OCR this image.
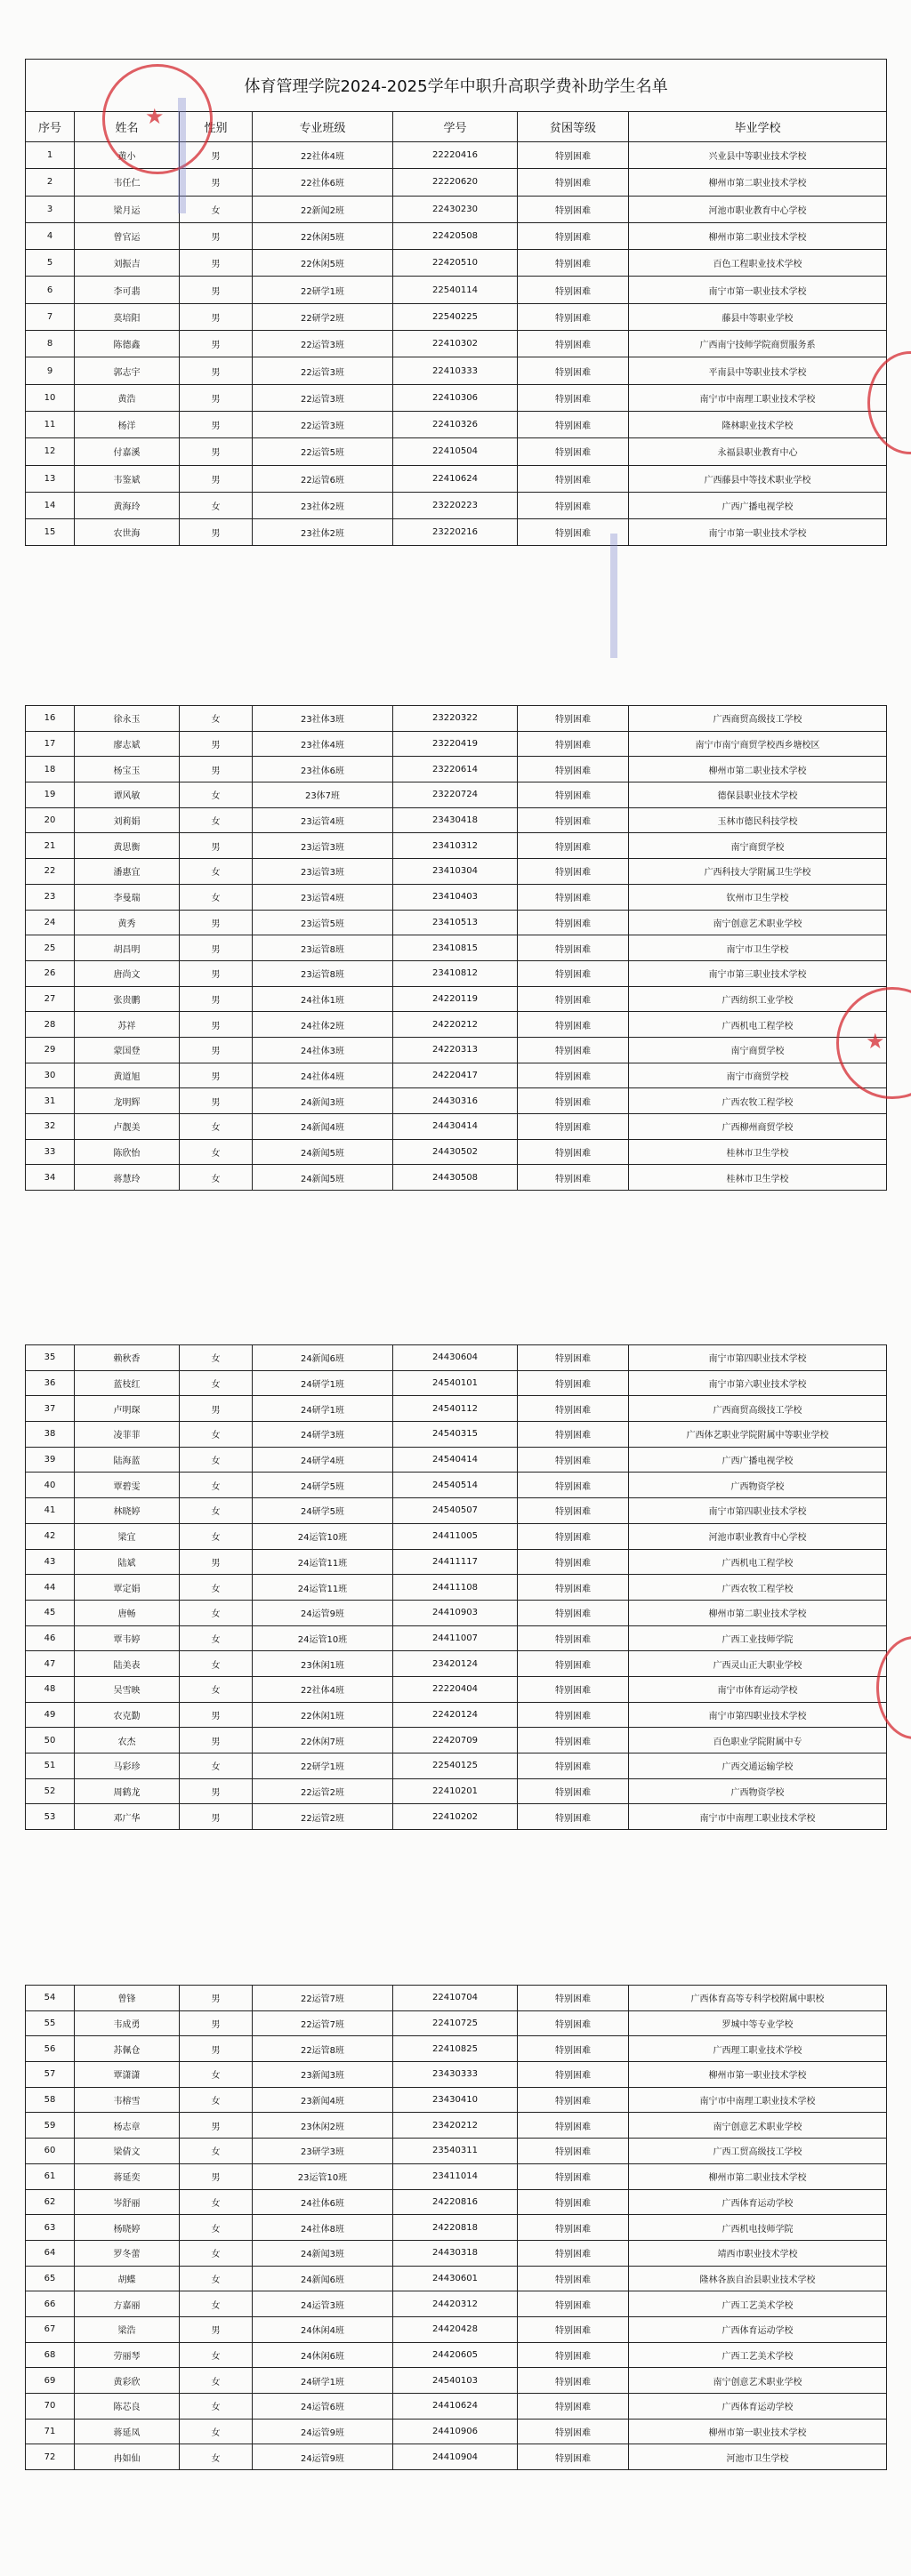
体育管理学院2024-2025学年中职升高职学费补助学生名单						
序号	姓名	性别	专业班级	学号	贫困等级	毕业学校
1	黄小	男	22社体4班	22220416	特别困难	兴业县中等职业技术学校
2	韦任仁	男	22社体6班	22220620	特别困难	柳州市第二职业技术学校
3	梁月运	女	22新闻2班	22430230	特别困难	河池市职业教育中心学校
4	曾官运	男	22休闲5班	22420508	特别困难	柳州市第二职业技术学校
5	刘振吉	男	22休闲5班	22420510	特别困难	百色工程职业技术学校
6	李可翡	男	22研学1班	22540114	特别困难	南宁市第一职业技术学校
7	莫培阳	男	22研学2班	22540225	特别困难	藤县中等职业学校
8	陈德鑫	男	22运管3班	22410302	特别困难	广西南宁技师学院商贸服务系
9	郭志宇	男	22运管3班	22410333	特别困难	平南县中等职业技术学校
10	黄浩	男	22运管3班	22410306	特别困难	南宁市中南理工职业技术学校
11	杨洋	男	22运管3班	22410326	特别困难	隆林职业技术学校
12	付嘉溪	男	22运管5班	22410504	特别困难	永福县职业教育中心
13	韦鉴斌	男	22运管6班	22410624	特别困难	广西藤县中等技术职业学校
14	黄海玲	女	23社体2班	23220223	特别困难	广西广播电视学校
15	农世海	男	23社体2班	23220216	特别困难	南宁市第一职业技术学校
16	徐永玉	女	23社体3班	23220322	特别困难	广西商贸高级技工学校
17	廖志斌	男	23社体4班	23220419	特别困难	南宁市南宁商贸学校西乡塘校区
18	杨宝玉	男	23社体6班	23220614	特别困难	柳州市第二职业技术学校
19	谭风敏	女	23体7班	23220724	特别困难	德保县职业技术学校
20	刘莉娟	女	23运管4班	23430418	特别困难	玉林市德民科技学校
21	黄思衡	男	23运管3班	23410312	特别困难	南宁商贸学校
22	潘惠宜	女	23运管3班	23410304	特别困难	广西科技大学附属卫生学校
23	李曼瑞	女	23运管4班	23410403	特别困难	钦州市卫生学校
24	黄秀	男	23运管5班	23410513	特别困难	南宁创意艺术职业学校
25	胡昌明	男	23运管8班	23410815	特别困难	南宁市卫生学校
26	唐尚文	男	23运管8班	23410812	特别困难	南宁市第三职业技术学校
27	张贵鹏	男	24社体1班	24220119	特别困难	广西纺织工业学校
28	苏祥	男	24社体2班	24220212	特别困难	广西机电工程学校
29	蒙国登	男	24社体3班	24220313	特别困难	南宁商贸学校
30	黄道旭	男	24社体4班	24220417	特别困难	南宁市商贸学校
31	龙明辉	男	24新闻3班	24430316	特别困难	广西农牧工程学校
32	卢靓美	女	24新闻4班	24430414	特别困难	广西柳州商贸学校
33	陈欣怡	女	24新闻5班	24430502	特别困难	桂林市卫生学校
34	蒋慧玲	女	24新闻5班	24430508	特别困难	桂林市卫生学校
35	赖秋香	女	24新闻6班	24430604	特别困难	南宁市第四职业技术学校
36	蓝枝红	女	24研学1班	24540101	特别困难	南宁市第六职业技术学校
37	卢明琛	男	24研学1班	24540112	特别困难	广西商贸高级技工学校
38	凌菲菲	女	24研学3班	24540315	特别困难	广西体艺职业学院附属中等职业学校
39	陆海蓝	女	24研学4班	24540414	特别困难	广西广播电视学校
40	覃碧雯	女	24研学5班	24540514	特别困难	广西物资学校
41	林晓婷	女	24研学5班	24540507	特别困难	南宁市第四职业技术学校
42	梁宜	女	24运管10班	24411005	特别困难	河池市职业教育中心学校
43	陆斌	男	24运管11班	24411117	特别困难	广西机电工程学校
44	覃定娟	女	24运管11班	24411108	特别困难	广西农牧工程学校
45	唐畅	女	24运管9班	24410903	特别困难	柳州市第二职业技术学校
46	覃韦婷	女	24运管10班	24411007	特别困难	广西工业技师学院
47	陆美表	女	23休闲1班	23420124	特别困难	广西灵山正大职业学校
48	吴雪映	女	22社体4班	22220404	特别困难	南宁市体育运动学校
49	农克勤	男	22休闲1班	22420124	特别困难	南宁市第四职业技术学校
50	农杰	男	22休闲7班	22420709	特别困难	百色职业学院附属中专
51	马彩珍	女	22研学1班	22540125	特别困难	广西交通运输学校
52	周鹤龙	男	22运管2班	22410201	特别困难	广西物资学校
53	邓广华	男	22运管2班	22410202	特别困难	南宁市中南理工职业技术学校
54	曾锋	男	22运管7班	22410704	特别困难	广西体育高等专科学校附属中职校
55	韦成勇	男	22运管7班	22410725	特别困难	罗城中等专业学校
56	苏佩仓	男	22运管8班	22410825	特别困难	广西理工职业技术学校
57	覃潇潇	女	23新闻3班	23430333	特别困难	柳州市第一职业技术学校
58	韦榕雪	女	23新闻4班	23430410	特别困难	南宁市中南理工职业技术学校
59	杨志章	男	23休闲2班	23420212	特别困难	南宁创意艺术职业学校
60	梁倩文	女	23研学3班	23540311	特别困难	广西工贸高级技工学校
61	蒋延奕	男	23运管10班	23411014	特别困难	柳州市第二职业技术学校
62	岑舒丽	女	24社体6班	24220816	特别困难	广西体育运动学校
63	杨晓婷	女	24社体8班	24220818	特别困难	广西机电技师学院
64	罗冬蕾	女	24新闻3班	24430318	特别困难	靖西市职业技术学校
65	胡蝶	女	24新闻6班	24430601	特别困难	隆林各族自治县职业技术学校
66	方嘉丽	女	24运管3班	24420312	特别困难	广西工艺美术学校
67	梁浩	男	24休闲4班	24420428	特别困难	广西体育运动学校
68	劳丽琴	女	24休闲6班	24420605	特别困难	广西工艺美术学校
69	黄彩欣	女	24研学1班	24540103	特别困难	南宁创意艺术职业学校
70	陈芯良	女	24运管6班	24410624	特别困难	广西体育运动学校
71	蒋延凤	女	24运管9班	24410906	特别困难	柳州市第一职业技术学校
72	冉如仙	女	24运管9班	24410904	特别困难	河池市卫生学校
★
★
